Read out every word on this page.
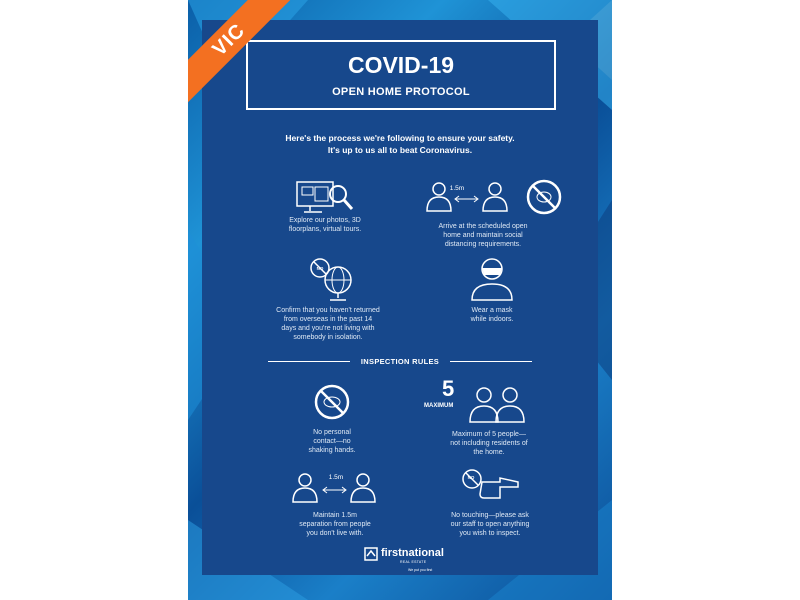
VIC
COVID-19
OPEN HOME PROTOCOL
Here's the process we're following to ensure your safety.
It's up to us all to beat Coronavirus.
Explore our photos, 3D
floorplans, virtual tours.
1.5m
Arrive at the scheduled open
home and maintain social
distancing requirements.
NO
Confirm that you haven't returned
from overseas in the past 14
days and you're not living with
somebody in isolation.
Wear a mask
while indoors.
INSPECTION RULES
No personal
contact—no
shaking hands.
5
MAXIMUM
Maximum of 5 people—
not including residents of
the home.
1.5m
Maintain 1.5m
separation from people
you don't live with.
NO
No touching—please ask
our staff to open anything
you wish to inspect.
firstnational
REAL ESTATE
We put you first
